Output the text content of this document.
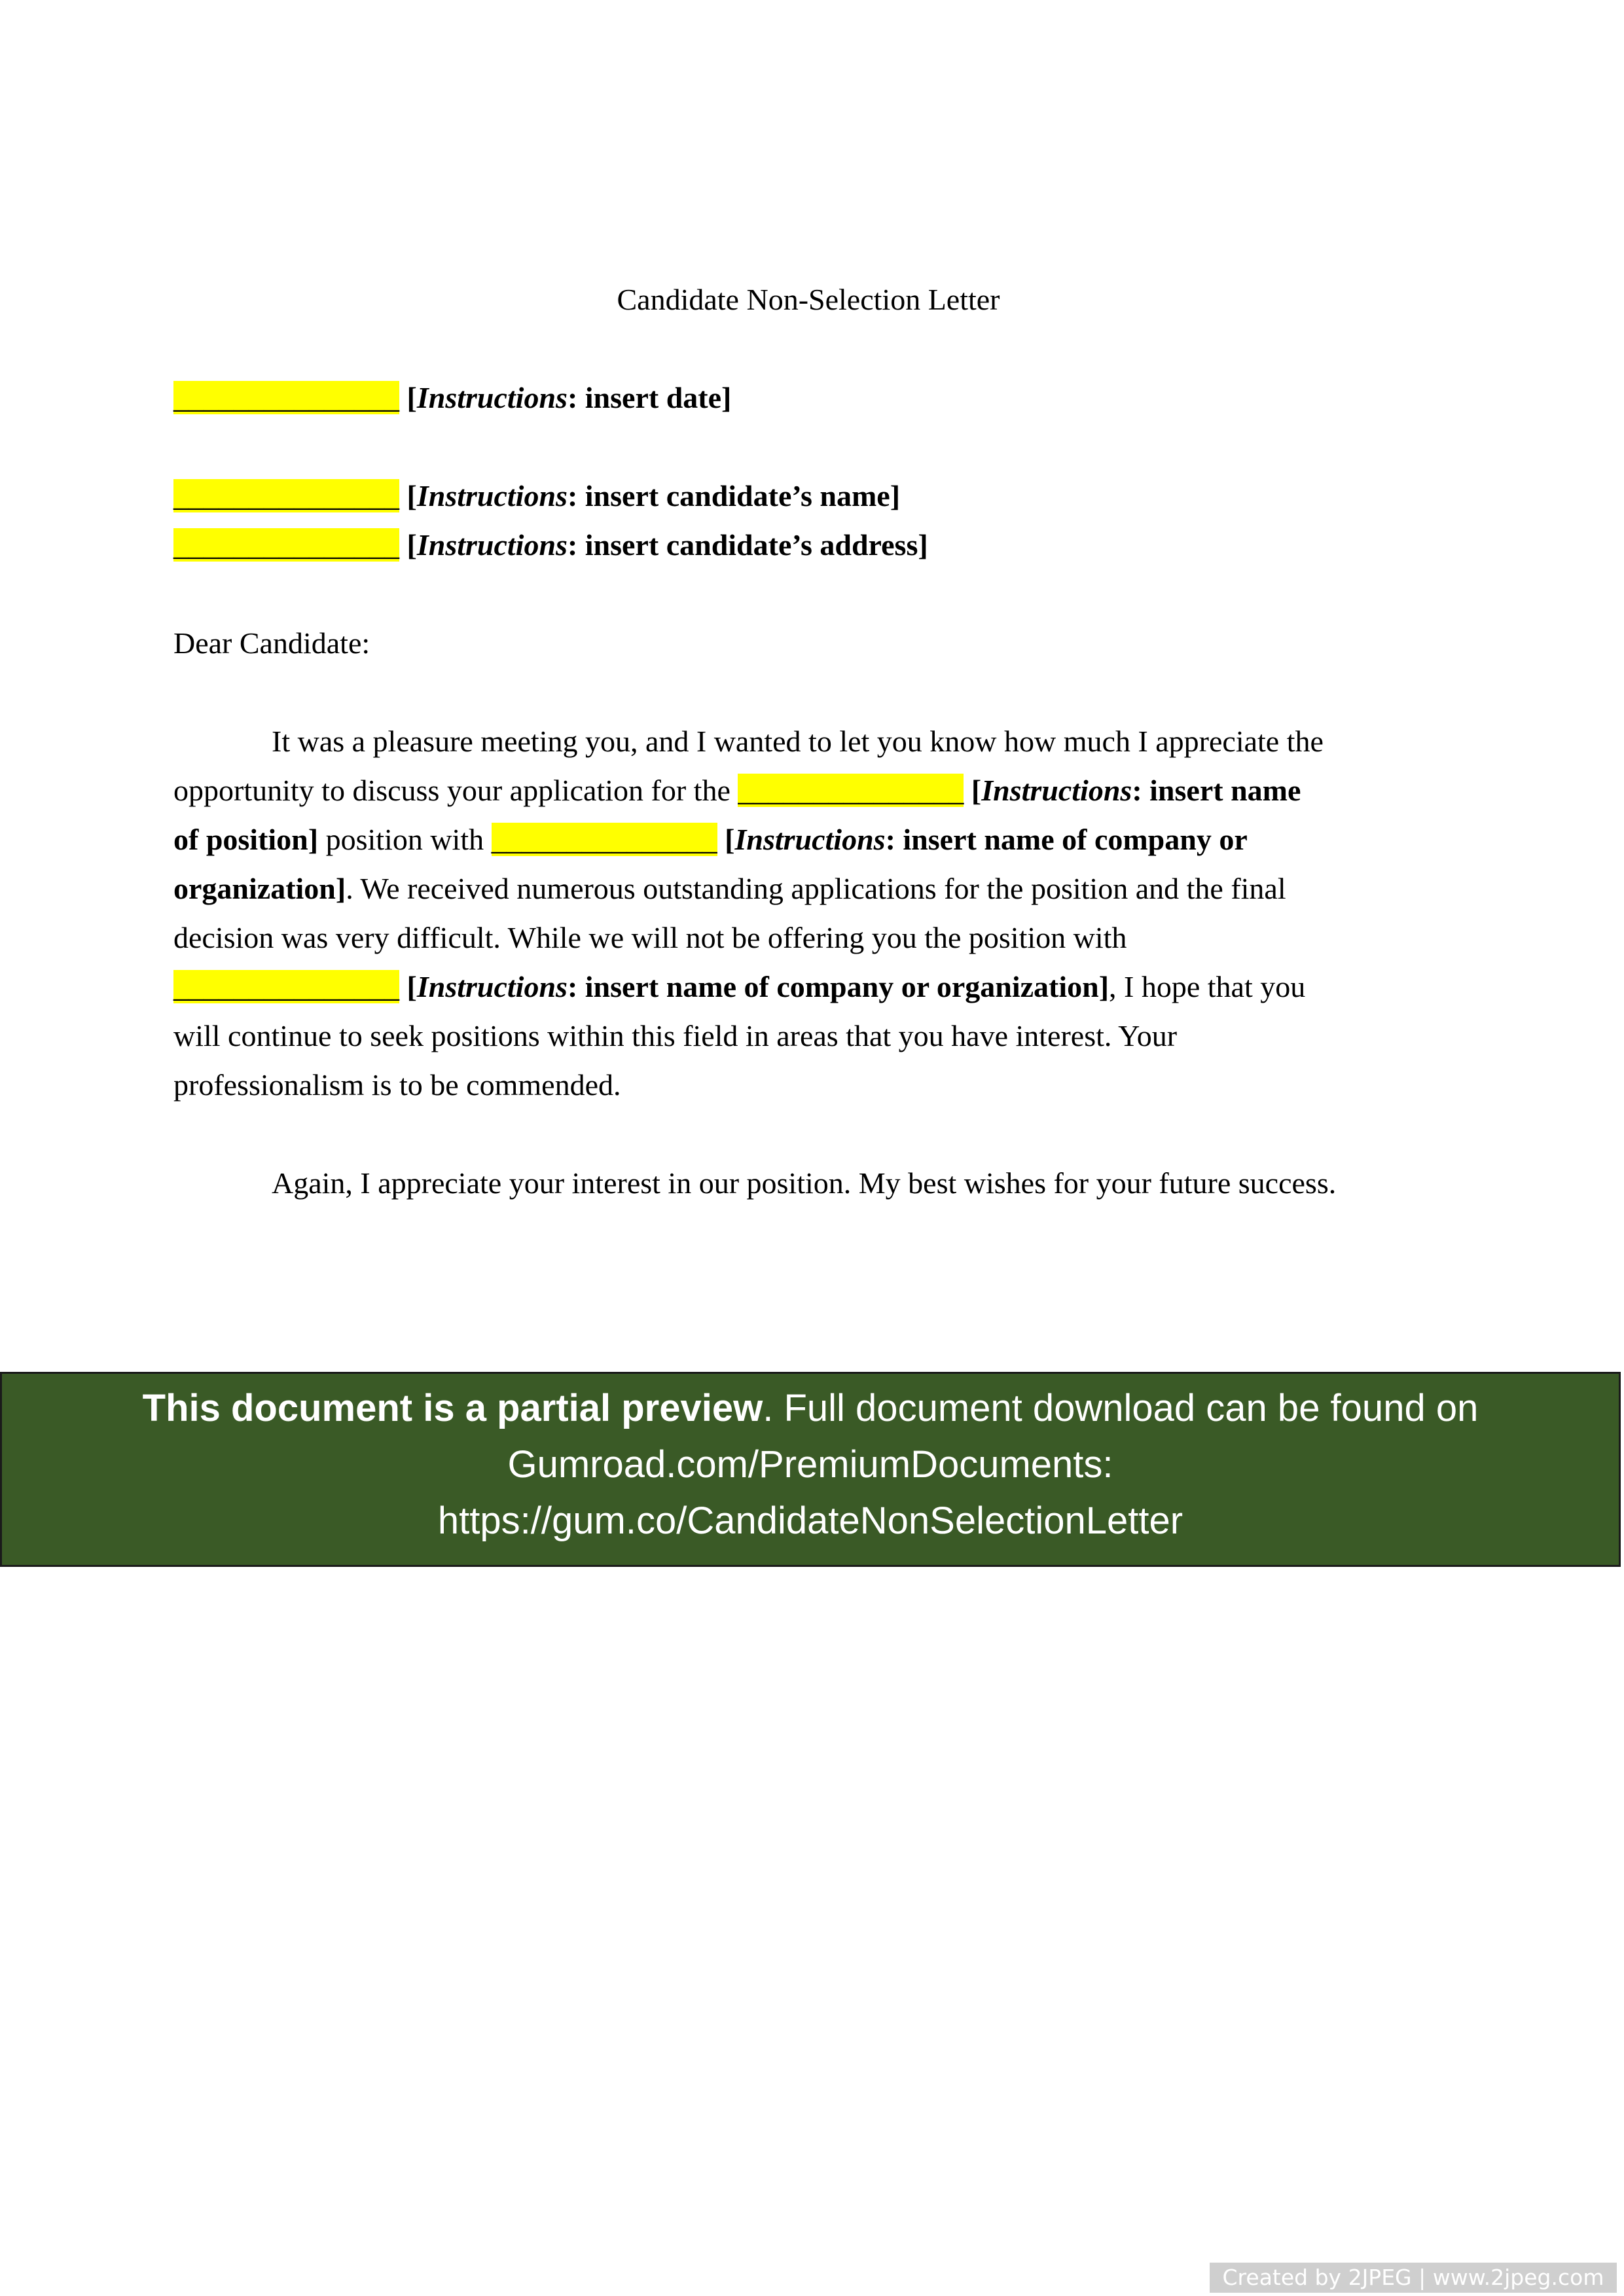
Candidate Non-Selection Letter
_______________ [Instructions: insert date]
_______________ [Instructions: insert candidate’s name]
_______________ [Instructions: insert candidate’s address]
Dear Candidate:
It was a pleasure meeting you, and I wanted to let you know how much I appreciate the
opportunity to discuss your application for the _______________ [Instructions: insert name
of position] position with _______________ [Instructions: insert name of company or
organization]. We received numerous outstanding applications for the position and the final
decision was very difficult. While we will not be offering you the position with
_______________ [Instructions: insert name of company or organization], I hope that you
will continue to seek positions within this field in areas that you have interest. Your
professionalism is to be commended.
Again, I appreciate your interest in our position. My best wishes for your future success.
This document is a partial preview. Full document download can be found on
Gumroad.com/PremiumDocuments:
https://gum.co/CandidateNonSelectionLetter
Created by 2JPEG | www.2jpeg.com
